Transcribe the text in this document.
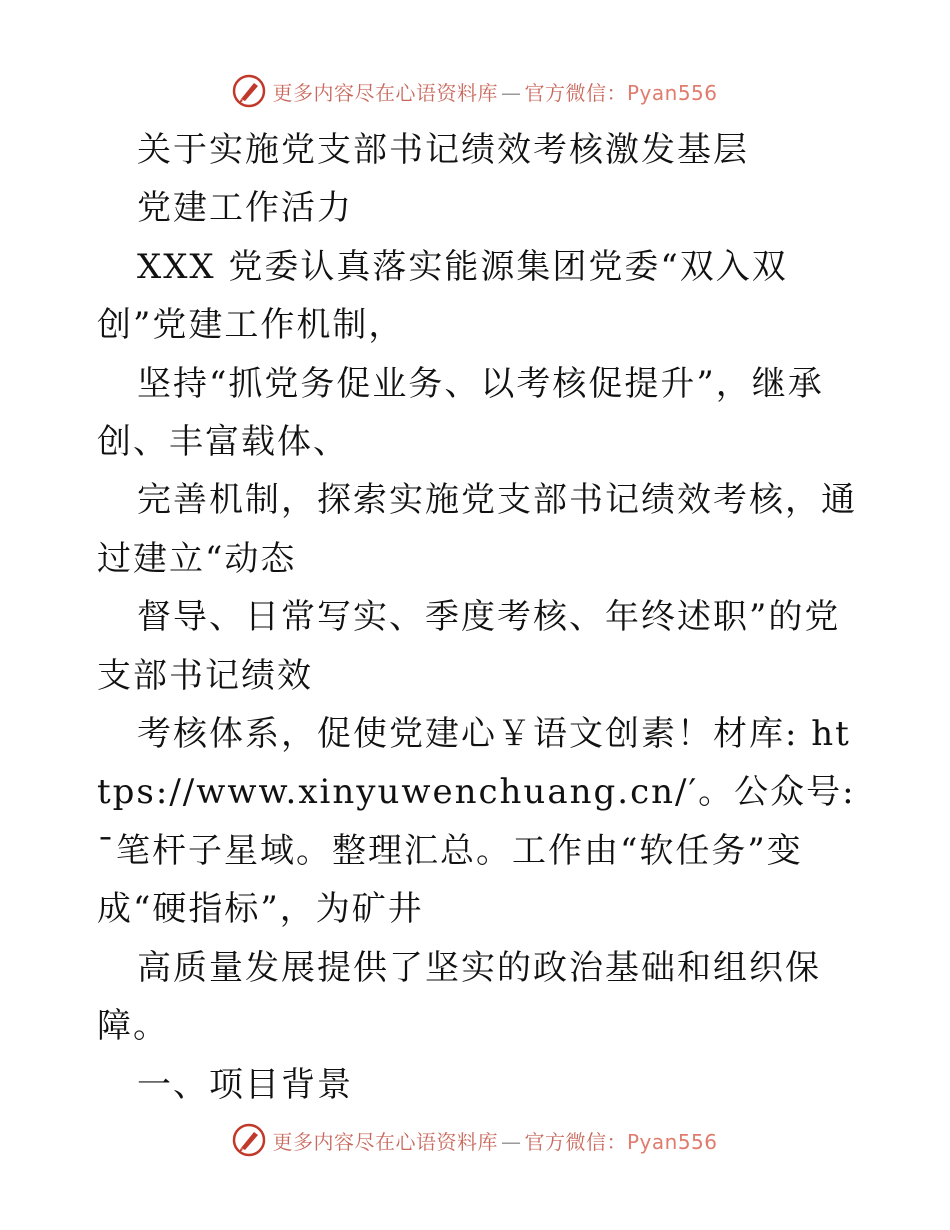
更多内容尽在心语资料库 — 官方微信：Pyan556

关于实施党支部书记绩效考核激发基层

党建工作活力

XXX 党委认真落实能源集团党委“双入双创”党建工作机制，

坚持“抓党务促业务、以考核促提升”，继承创、丰富载体、

完善机制，探索实施党支部书记绩效考核，通过建立“动态

督导、日常写实、季度考核、年终述职”的党支部书记绩效

考核体系，促使党建心￥语文创素！材库: https://www.xinyuwenchuang.cn/′。公众号: ¯笔杆子星域。整理汇总。工作由“软任务”变成“硬指标”，为矿井

高质量发展提供了坚实的政治基础和组织保障。

一、项目背景

更多内容尽在心语资料库 — 官方微信：Pyan556
